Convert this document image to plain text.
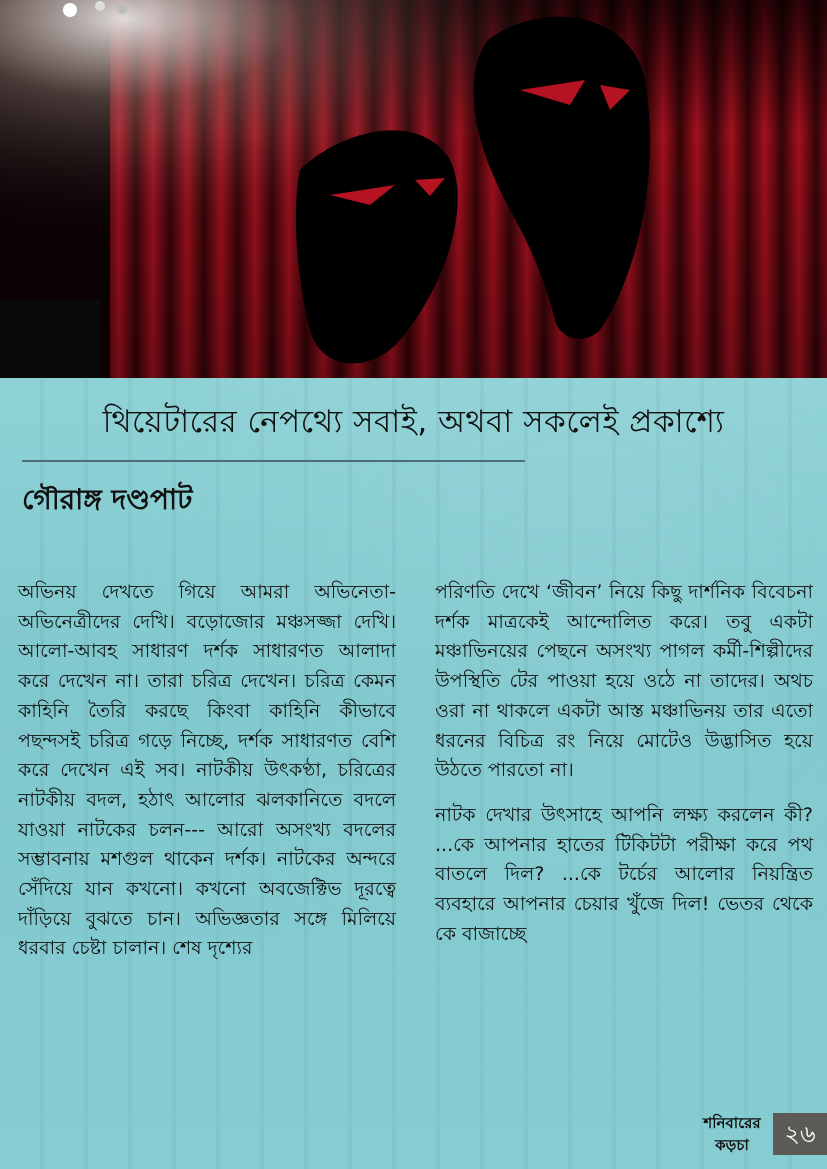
থিয়েটারের নেপথ্যে সবাই, অথবা সকলেই প্রকাশ্যে
গৌরাঙ্গ দণ্ডপাট

অভিনয় দেখতে গিয়ে আমরা অভিনেতা-অভিনেত্রীদের দেখি। বড়োজোর মঞ্চসজ্জা দেখি। আলো-আবহ সাধারণ দর্শক সাধারণত আলাদা করে দেখেন না। তারা চরিত্র দেখেন। চরিত্র কেমন কাহিনি তৈরি করছে কিংবা কাহিনি কীভাবে পছন্দসই চরিত্র গড়ে নিচ্ছে, দর্শক সাধারণত বেশি করে দেখেন এই সব। নাটকীয় উৎকণ্ঠা, চরিত্রের নাটকীয় বদল, হঠাৎ আলোর ঝলকানিতে বদলে যাওয়া নাটকের চলন--- আরো অসংখ্য বদলের সম্ভাবনায় মশগুল থাকেন দর্শক। নাটকের অন্দরে সেঁদিয়ে যান কখনো। কখনো অবজেক্টিভ দূরত্বে দাঁড়িয়ে বুঝতে চান। অভিজ্ঞতার সঙ্গে মিলিয়ে ধরবার চেষ্টা চালান। শেষ দৃশ্যের

পরিণতি দেখে ‘জীবন’ নিয়ে কিছু দার্শনিক বিবেচনা দর্শক মাত্রকেই আন্দোলিত করে। তবু একটা মঞ্চাভিনয়ের পেছনে অসংখ্য পাগল কর্মী-শিল্পীদের উপস্থিতি টের পাওয়া হয়ে ওঠে না তাদের। অথচ ওরা না থাকলে একটা আস্ত মঞ্চাভিনয় তার এতো ধরনের বিচিত্র রং নিয়ে মোটেও উদ্ভাসিত হয়ে উঠতে পারতো না।

নাটক দেখার উৎসাহে আপনি লক্ষ্য করলেন কী? ...কে আপনার হাতের টিকিটটা পরীক্ষা করে পথ বাতলে দিল? ...কে টর্চের আলোর নিয়ন্ত্রিত ব্যবহারে আপনার চেয়ার খুঁজে দিল! ভেতর থেকে কে বাজাচ্ছে

শনিবারের
কড়চা	২৬
